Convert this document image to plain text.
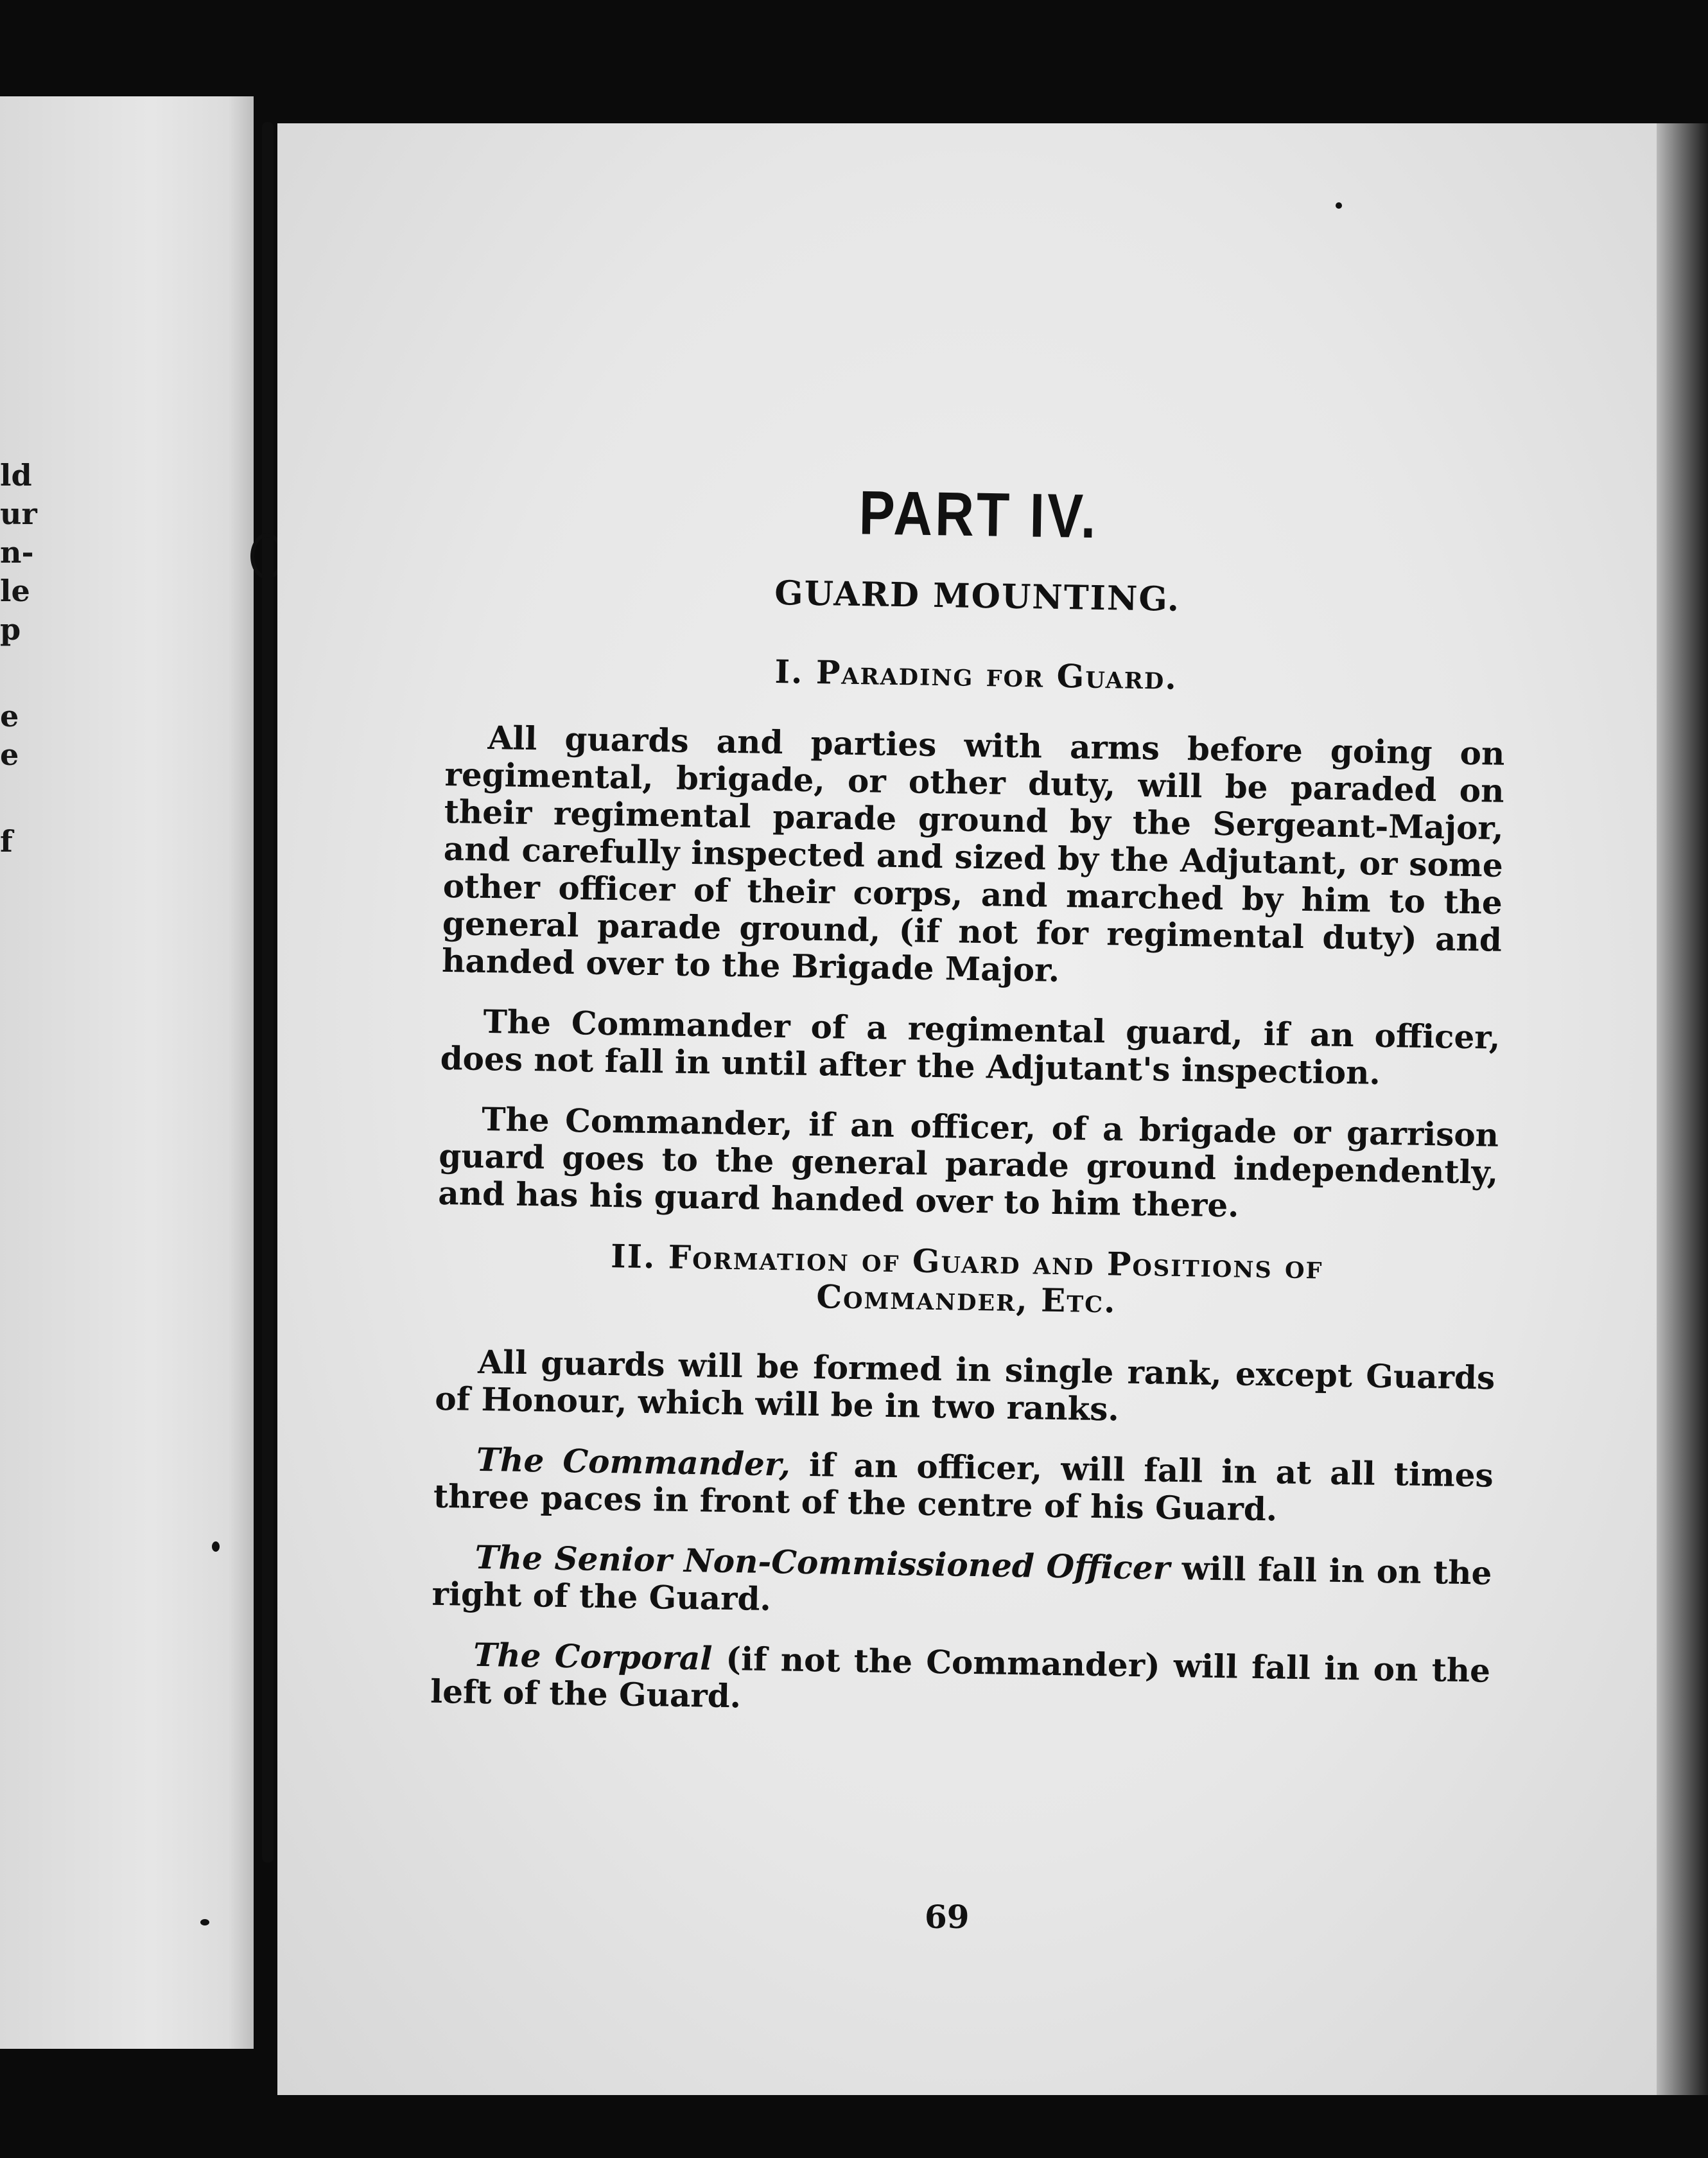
ld
ur
n-
le
p
e
e
f
PART IV.
GUARD MOUNTING.
I. Parading for Guard.

All guards and parties with arms before going on regimental, brigade, or other duty, will be paraded on their regimental parade ground by the Sergeant-Major, and carefully inspected and sized by the Adjutant, or some other officer of their corps, and marched by him to the general parade ground, (if not for regimental duty) and handed over to the Brigade Major.

The Commander of a regimental guard, if an officer, does not fall in until after the Adjutant's inspection.

The Commander, if an officer, of a brigade or garrison guard goes to the general parade ground independently, and has his guard handed over to him there.

II. Formation of Guard and Positions of
Commander, Etc.

All guards will be formed in single rank, except Guards of Honour, which will be in two ranks.

The Commander, if an officer, will fall in at all times three paces in front of the centre of his Guard.

The Senior Non-Commissioned Officer will fall in on the right of the Guard.

The Corporal (if not the Commander) will fall in on the left of the Guard.

69
